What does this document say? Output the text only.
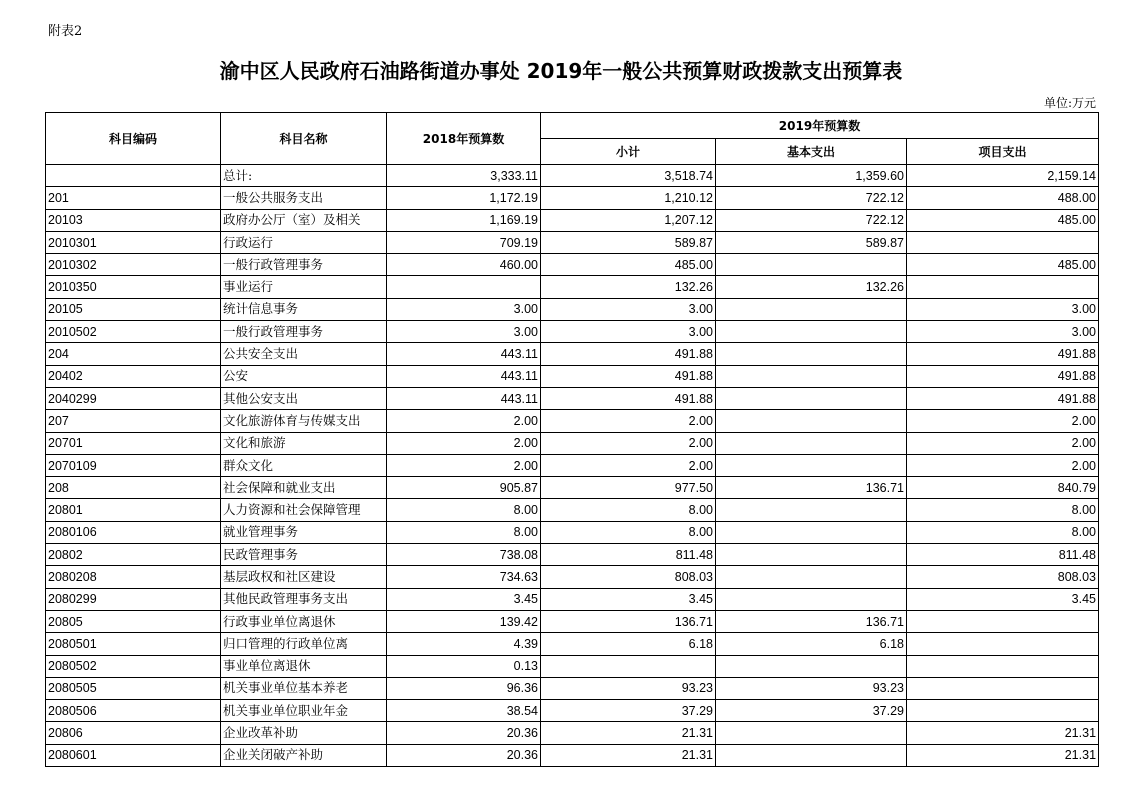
附表2
渝中区人民政府石油路街道办事处 2019年一般公共预算财政拨款支出预算表
单位:万元
科目编码	科目名称	2018年预算数	2019年预算数		
			小计	基本支出	项目支出
	总计:	3,333.11	3,518.74	1,359.60	2,159.14
201	一般公共服务支出	1,172.19	1,210.12	722.12	488.00
20103	政府办公厅（室）及相关	1,169.19	1,207.12	722.12	485.00
2010301	行政运行	709.19	589.87	589.87	
2010302	一般行政管理事务	460.00	485.00		485.00
2010350	事业运行		132.26	132.26	
20105	统计信息事务	3.00	3.00		3.00
2010502	一般行政管理事务	3.00	3.00		3.00
204	公共安全支出	443.11	491.88		491.88
20402	公安	443.11	491.88		491.88
2040299	其他公安支出	443.11	491.88		491.88
207	文化旅游体育与传媒支出	2.00	2.00		2.00
20701	文化和旅游	2.00	2.00		2.00
2070109	群众文化	2.00	2.00		2.00
208	社会保障和就业支出	905.87	977.50	136.71	840.79
20801	人力资源和社会保障管理	8.00	8.00		8.00
2080106	就业管理事务	8.00	8.00		8.00
20802	民政管理事务	738.08	811.48		811.48
2080208	基层政权和社区建设	734.63	808.03		808.03
2080299	其他民政管理事务支出	3.45	3.45		3.45
20805	行政事业单位离退休	139.42	136.71	136.71	
2080501	归口管理的行政单位离	4.39	6.18	6.18	
2080502	事业单位离退休	0.13			
2080505	机关事业单位基本养老	96.36	93.23	93.23	
2080506	机关事业单位职业年金	38.54	37.29	37.29	
20806	企业改革补助	20.36	21.31		21.31
2080601	企业关闭破产补助	20.36	21.31		21.31
